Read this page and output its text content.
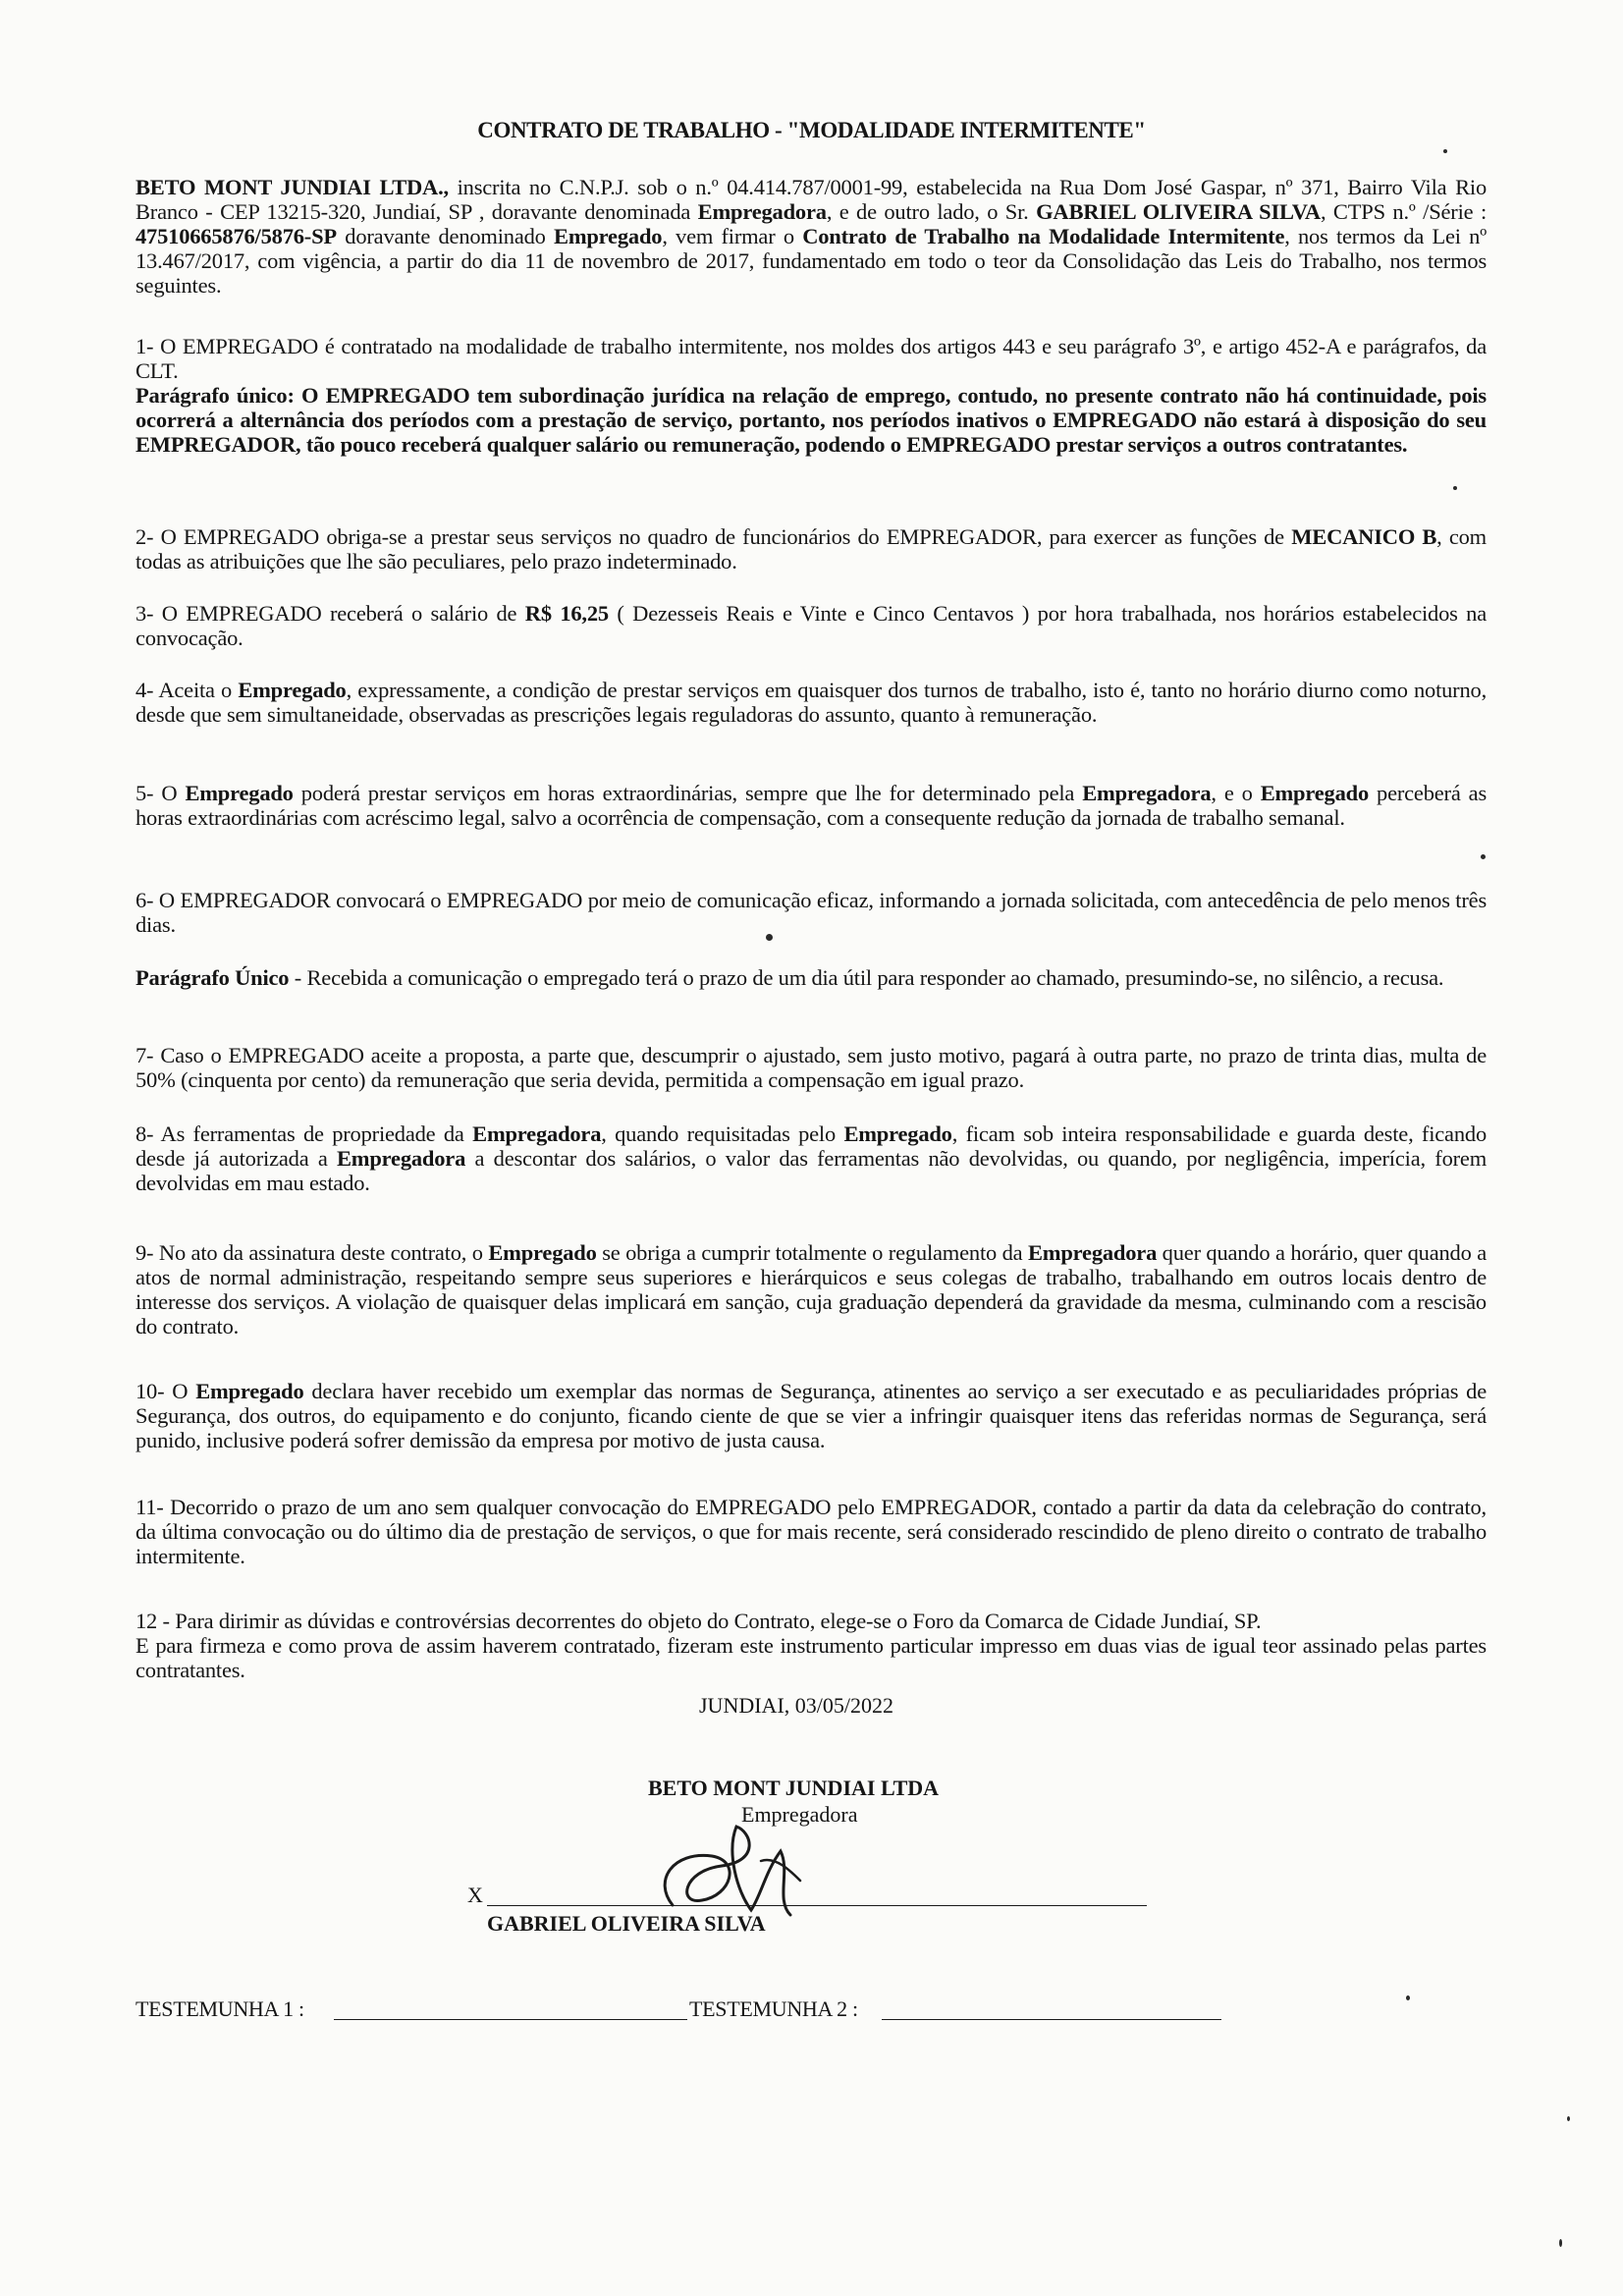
CONTRATO DE TRABALHO - "MODALIDADE INTERMITENTE"

BETO MONT JUNDIAI LTDA., inscrita no C.N.P.J. sob o n.º 04.414.787/0001-99, estabelecida na Rua Dom José Gaspar, nº 371, Bairro Vila Rio Branco - CEP 13215-320, Jundiaí, SP , doravante denominada Empregadora, e de outro lado, o Sr. GABRIEL OLIVEIRA SILVA, CTPS n.º /Série : 47510665876/5876-SP doravante denominado Empregado, vem firmar o Contrato de Trabalho na Modalidade Intermitente, nos termos da Lei nº 13.467/2017, com vigência, a partir do dia 11 de novembro de 2017, fundamentado em todo o teor da Consolidação das Leis do Trabalho, nos termos seguintes.

1- O EMPREGADO é contratado na modalidade de trabalho intermitente, nos moldes dos artigos 443 e seu parágrafo 3º, e artigo 452-A e parágrafos, da CLT.

Parágrafo único: O EMPREGADO tem subordinação jurídica na relação de emprego, contudo, no presente contrato não há continuidade, pois ocorrerá a alternância dos períodos com a prestação de serviço, portanto, nos períodos inativos o EMPREGADO não estará à disposição do seu EMPREGADOR, tão pouco receberá qualquer salário ou remuneração, podendo o EMPREGADO prestar serviços a outros contratantes.

2- O EMPREGADO obriga-se a prestar seus serviços no quadro de funcionários do EMPREGADOR, para exercer as funções de MECANICO B, com todas as atribuições que lhe são peculiares, pelo prazo indeterminado.

3- O EMPREGADO receberá o salário de R$ 16,25 ( Dezesseis Reais e Vinte e Cinco Centavos ) por hora trabalhada, nos horários estabelecidos na convocação.

4- Aceita o Empregado, expressamente, a condição de prestar serviços em quaisquer dos turnos de trabalho, isto é, tanto no horário diurno como noturno, desde que sem simultaneidade, observadas as prescrições legais reguladoras do assunto, quanto à remuneração.

5- O Empregado poderá prestar serviços em horas extraordinárias, sempre que lhe for determinado pela Empregadora, e o Empregado perceberá as horas extraordinárias com acréscimo legal, salvo a ocorrência de compensação, com a consequente redução da jornada de trabalho semanal.

6- O EMPREGADOR convocará o EMPREGADO por meio de comunicação eficaz, informando a jornada solicitada, com antecedência de pelo menos três dias.

Parágrafo Único - Recebida a comunicação o empregado terá o prazo de um dia útil para responder ao chamado, presumindo-se, no silêncio, a recusa.

7- Caso o EMPREGADO aceite a proposta, a parte que, descumprir o ajustado, sem justo motivo, pagará à outra parte, no prazo de trinta dias, multa de 50% (cinquenta por cento) da remuneração que seria devida, permitida a compensação em igual prazo.

8- As ferramentas de propriedade da Empregadora, quando requisitadas pelo Empregado, ficam sob inteira responsabilidade e guarda deste, ficando desde já autorizada a Empregadora a descontar dos salários, o valor das ferramentas não devolvidas, ou quando, por negligência, imperícia, forem devolvidas em mau estado.

9- No ato da assinatura deste contrato, o Empregado se obriga a cumprir totalmente o regulamento da Empregadora quer quando a horário, quer quando a atos de normal administração, respeitando sempre seus superiores e hierárquicos e seus colegas de trabalho, trabalhando em outros locais dentro de interesse dos serviços. A violação de quaisquer delas implicará em sanção, cuja graduação dependerá da gravidade da mesma, culminando com a rescisão do contrato.

10- O Empregado declara haver recebido um exemplar das normas de Segurança, atinentes ao serviço a ser executado e as peculiaridades próprias de Segurança, dos outros, do equipamento e do conjunto, ficando ciente de que se vier a infringir quaisquer itens das referidas normas de Segurança, será punido, inclusive poderá sofrer demissão da empresa por motivo de justa causa.

11- Decorrido o prazo de um ano sem qualquer convocação do EMPREGADO pelo EMPREGADOR, contado a partir da data da celebração do contrato, da última convocação ou do último dia de prestação de serviços, o que for mais recente, será considerado rescindido de pleno direito o contrato de trabalho intermitente.

12 - Para dirimir as dúvidas e controvérsias decorrentes do objeto do Contrato, elege-se o Foro da Comarca de Cidade Jundiaí, SP.

E para firmeza e como prova de assim haverem contratado, fizeram este instrumento particular impresso em duas vias de igual teor assinado pelas partes contratantes.

JUNDIAI, 03/05/2022
BETO MONT JUNDIAI LTDA
Empregadora
X
GABRIEL OLIVEIRA SILVA
TESTEMUNHA 1 :	TESTEMUNHA 2 :
